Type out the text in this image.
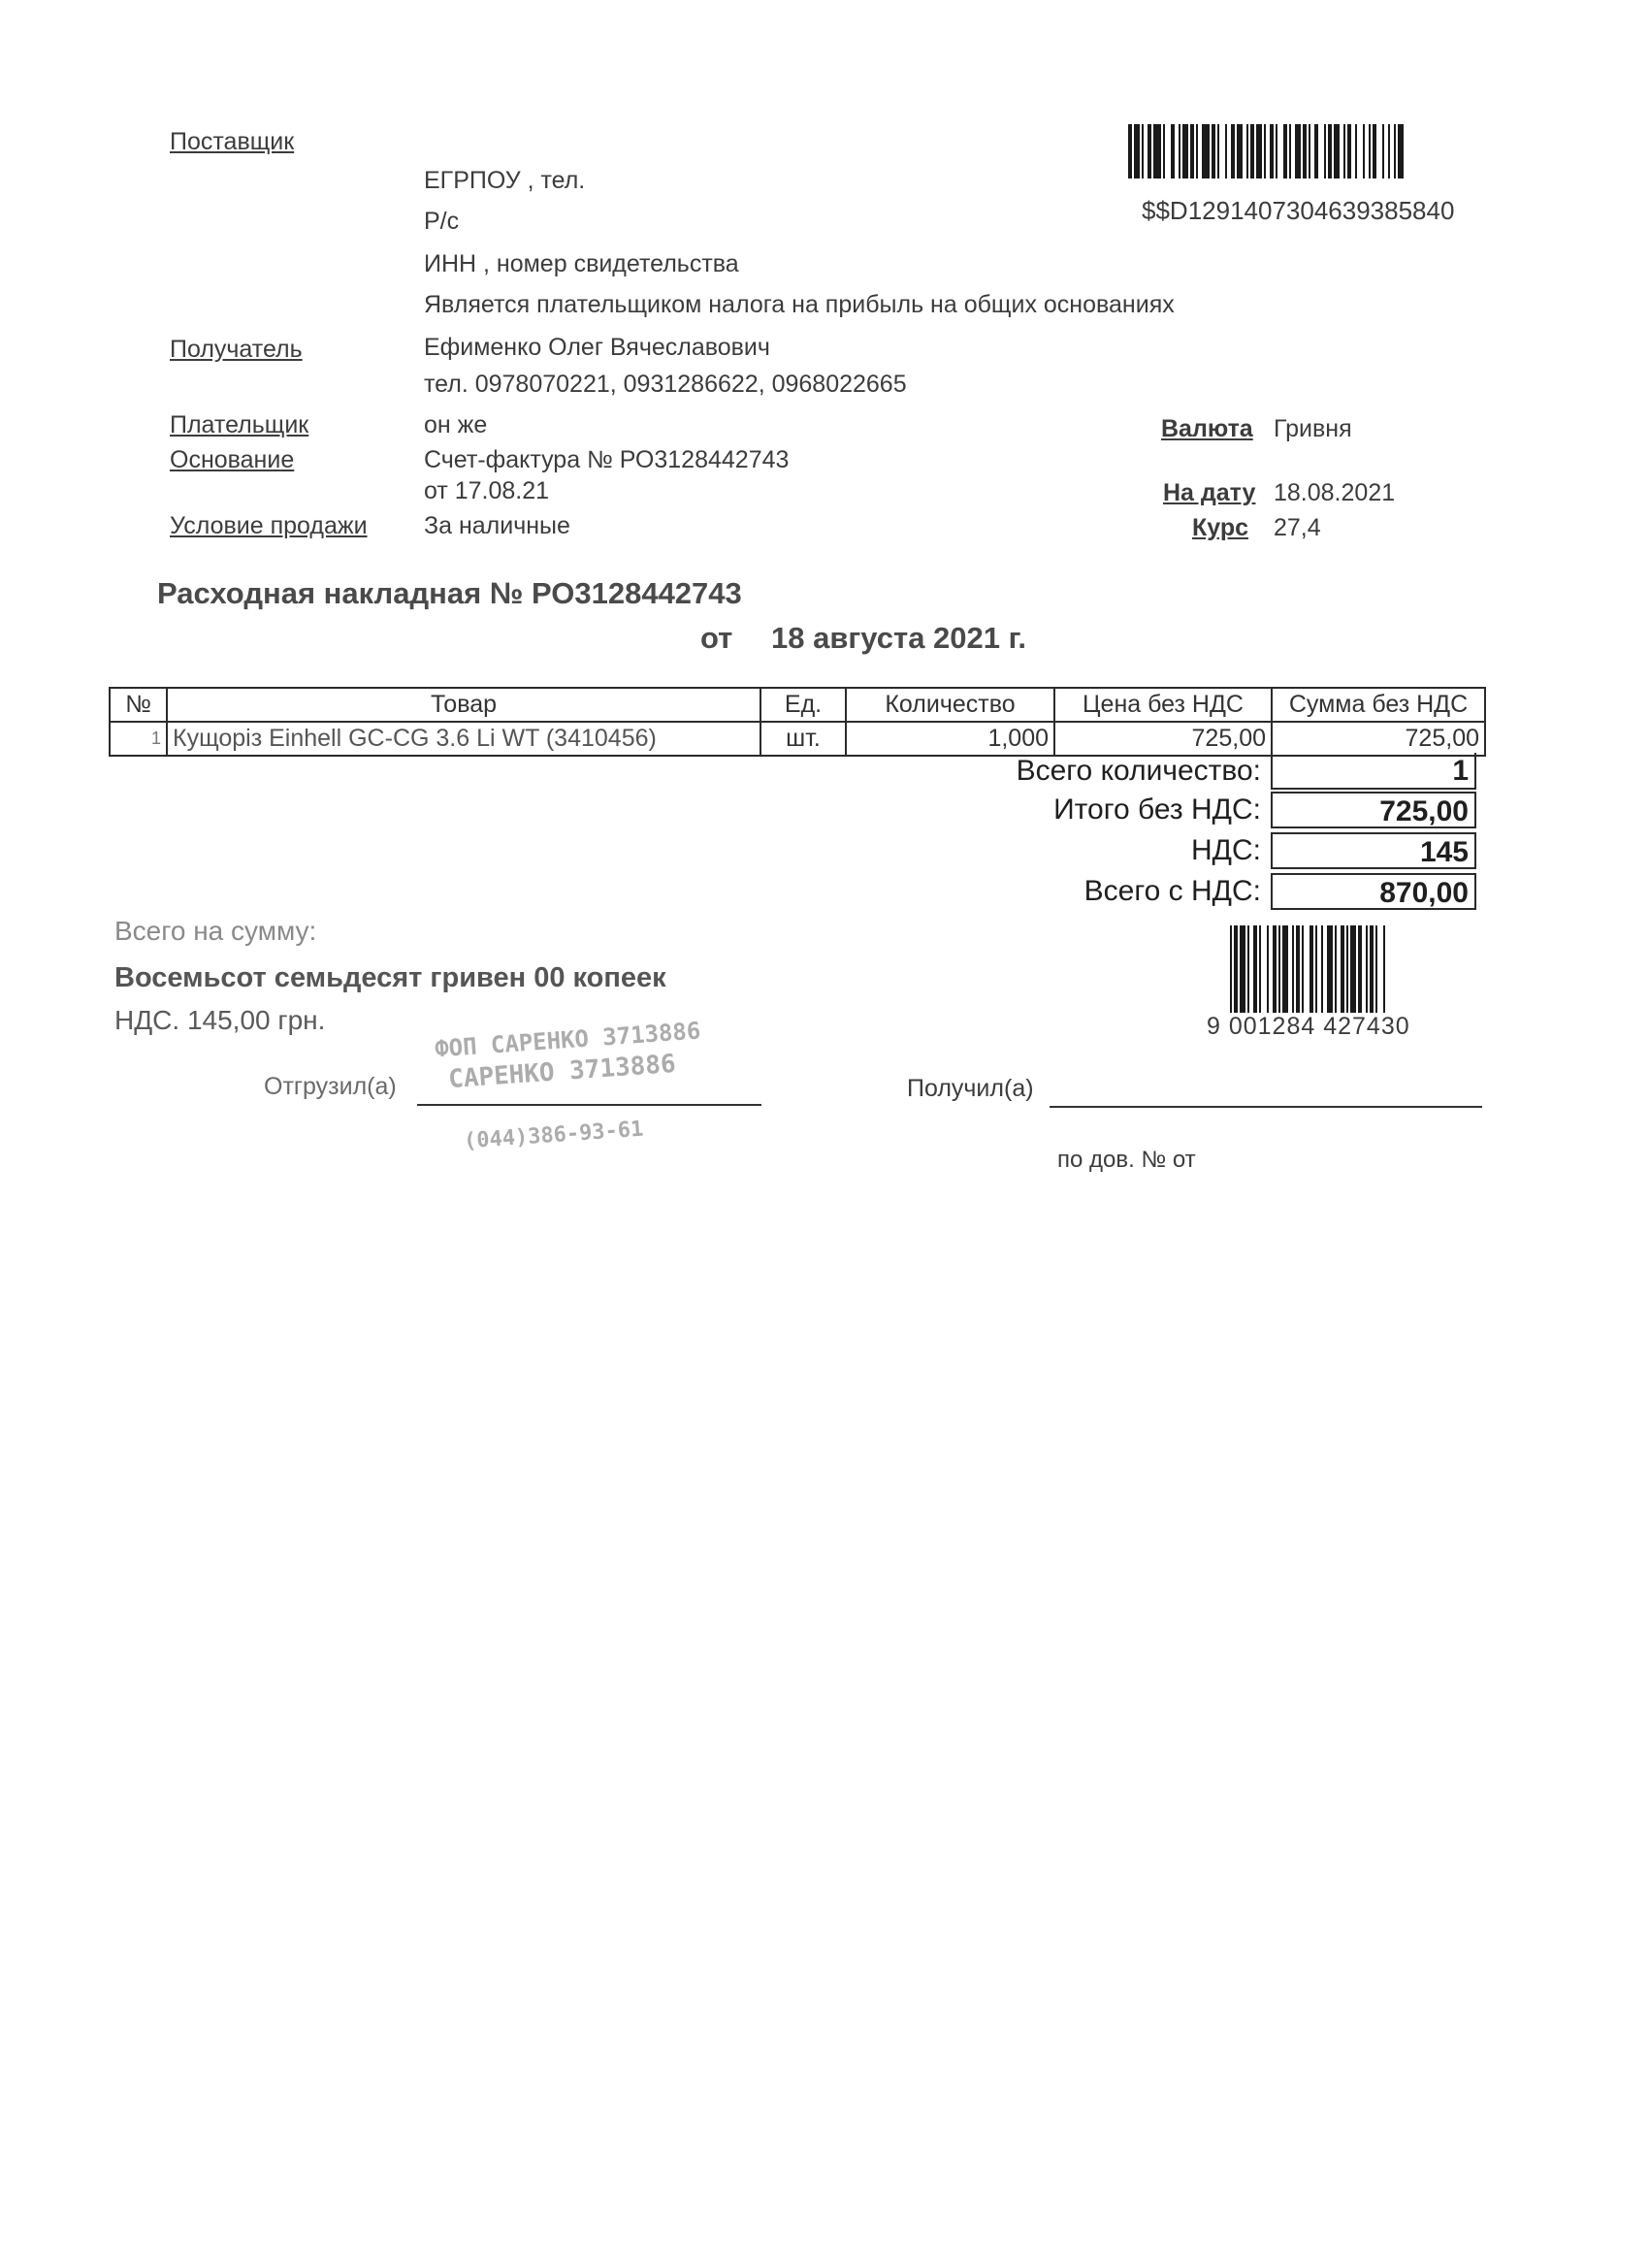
Поставщик
ЕГРПОУ , тел.
Р/с
ИНН , номер свидетельства
Является плательщиком налога на прибыль на общих основаниях
$$D1291407304639385840
Получатель	Ефименко Олег Вячеславович
тел. 0978070221, 0931286622, 0968022665
Плательщик	он же
Основание	Счет-фактура № РО3128442743
от 17.08.21
Условие продажи За наличные
Валюта Гривня
На дату 18.08.2021
Курс 27,4
Расходная накладная № РО3128442743
от 18 августа 2021 г.
№	Товар	Ед.	Количество	Цена без НДС	Сумма без НДС
1	Кущоріз Einhell GC-CG 3.6 Li WT (3410456)	шт.	1,000	725,00	725,00
Всего количество:	1
Итого без НДС:	725,00
НДС:	145
Всего с НДС:	870,00
Всего на сумму:
Восемьсот семьдесят гривен 00 копеек
НДС. 145,00 грн.	9 001284 427430
ФОП САРЕНКО 3713886
САРЕНКО 3713886
(044)386-93-61
Отгрузил(а)	Получил(а)
по дов. № от
